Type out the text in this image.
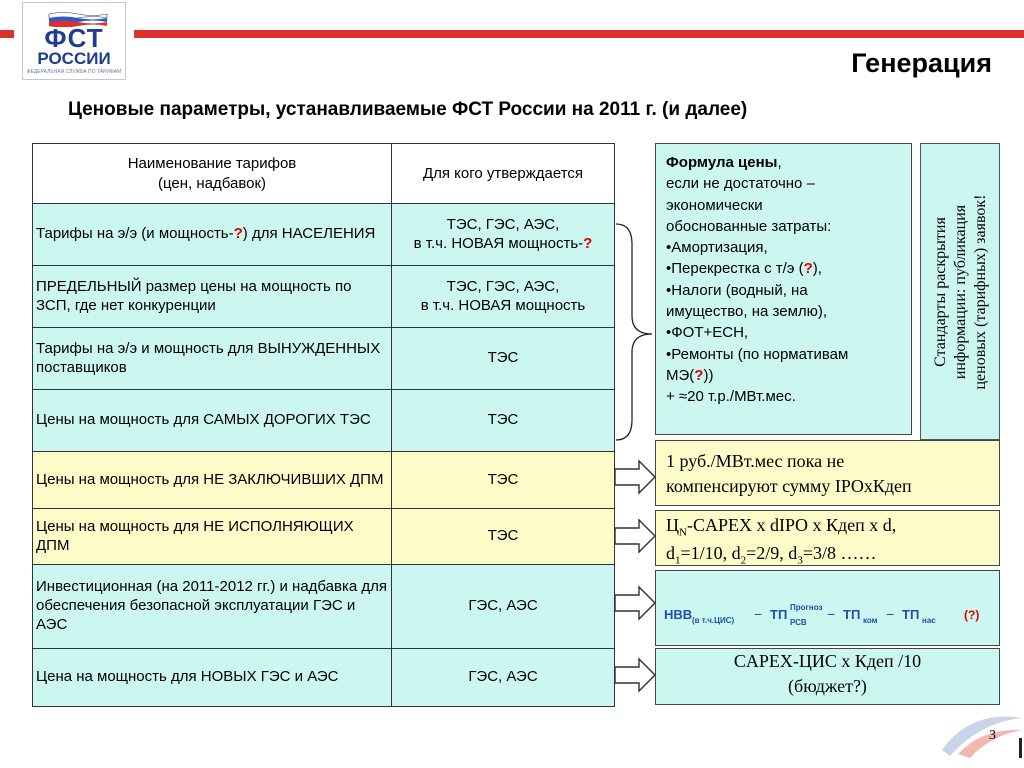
ФСТ
РОССИИ
ФЕДЕРАЛЬНАЯ СЛУЖБА ПО ТАРИФАМ	Генерация
Ценовые параметры, устанавливаемые ФСТ России на 2011 г. (и далее)
Наименование тарифов
(цен, надбавок)	Для кого утверждается
Тарифы на э/э (и мощность-?) для НАСЕЛЕНИЯ	ТЭС, ГЭС, АЭС,
в т.ч. НОВАЯ мощность-?
ПРЕДЕЛЬНЫЙ размер цены на мощность по ЗСП, где нет конкуренции	ТЭС, ГЭС, АЭС,
в т.ч. НОВАЯ мощность
Тарифы на э/э и мощность для ВЫНУЖДЕННЫХ поставщиков	ТЭС
Цены на мощность для САМЫХ ДОРОГИХ ТЭС	ТЭС
Цены на мощность для НЕ ЗАКЛЮЧИВШИХ ДПМ	ТЭС
Цены на мощность для НЕ ИСПОЛНЯЮЩИХ ДПМ	ТЭС
Инвестиционная (на 2011-2012 гг.) и надбавка для обеспечения безопасной эксплуатации ГЭС и АЭС	ГЭС, АЭС
Цена на мощность для НОВЫХ ГЭС и АЭС	ГЭС, АЭС
Формула цены,
если не достаточно –
экономически
обоснованные затраты:
•Амортизация,
•Перекрестка с т/э (?),
•Налоги (водный, на
имущество, на землю),
•ФОТ+ЕСН,
•Ремонты (по нормативам
МЭ(?))
+ ≈20 т.р./МВт.мес.
Стандарты раскрытия информации: публикация ценовых (тарифных) заявок!
1 руб./МВт.мес пока не
компенсируют сумму IPOxКдеп
$Ц_N$-CAPEX x dIPO x Кдеп x d,
$d_1=1/10$, $d_2=2/9$, $d_3=3/8$ ……
НВВ (в т.ч.ЦИС) − ТП Прогноз
РСВ
− ТП ком − ТП нас (?)
CAPEX-ЦИС х Кдеп /10
(бюджет?)
3
